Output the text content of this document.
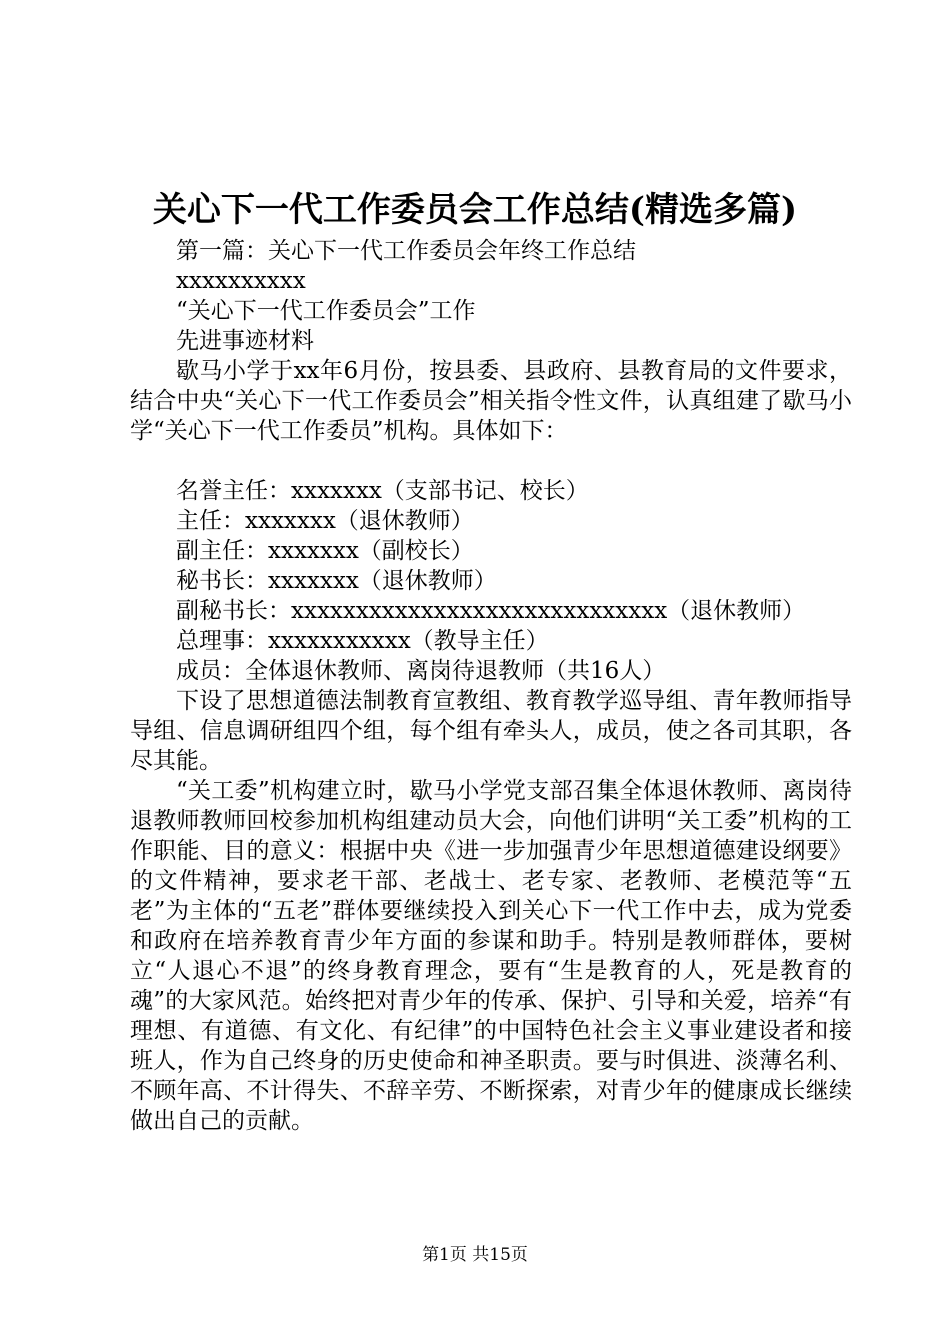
关心下一代工作委员会工作总结(精选多篇)

第一篇：关心下一代工作委员会年终工作总结

xxxxxxxxxx

“关心下一代工作委员会”工作

先进事迹材料

歇马小学于xx年6月份，按县委、县政府、县教育局的文件要求，结合中央“关心下一代工作委员会”相关指令性文件，认真组建了歇马小学“关心下一代工作委员”机构。具体如下：

名誉主任：xxxxxxx（支部书记、校长）

主任：xxxxxxx（退休教师）

副主任：xxxxxxx（副校长）

秘书长：xxxxxxx（退休教师）

副秘书长：xxxxxxxxxxxxxxxxxxxxxxxxxxxxx（退休教师）

总理事：xxxxxxxxxxx（教导主任）

成员：全体退休教师、离岗待退教师（共16人）

下设了思想道德法制教育宣教组、教育教学巡导组、青年教师指导导组、信息调研组四个组，每个组有牵头人，成员，使之各司其职，各尽其能。

“关工委”机构建立时，歇马小学党支部召集全体退休教师、离岗待退教师教师回校参加机构组建动员大会，向他们讲明“关工委”机构的工作职能、目的意义：根据中央《进一步加强青少年思想道德建设纲要》的文件精神，要求老干部、老战士、老专家、老教师、老模范等“五老”为主体的“五老”群体要继续投入到关心下一代工作中去，成为党委和政府在培养教育青少年方面的参谋和助手。特别是教师群体，要树立“人退心不退”的终身教育理念，要有“生是教育的人，死是教育的魂”的大家风范。始终把对青少年的传承、保护、引导和关爱，培养“有理想、有道德、有文化、有纪律”的中国特色社会主义事业建设者和接班人，作为自己终身的历史使命和神圣职责。要与时俱进、淡薄名利、不顾年高、不计得失、不辞辛劳、不断探索，对青少年的健康成长继续做出自己的贡献。

第1页 共15页
